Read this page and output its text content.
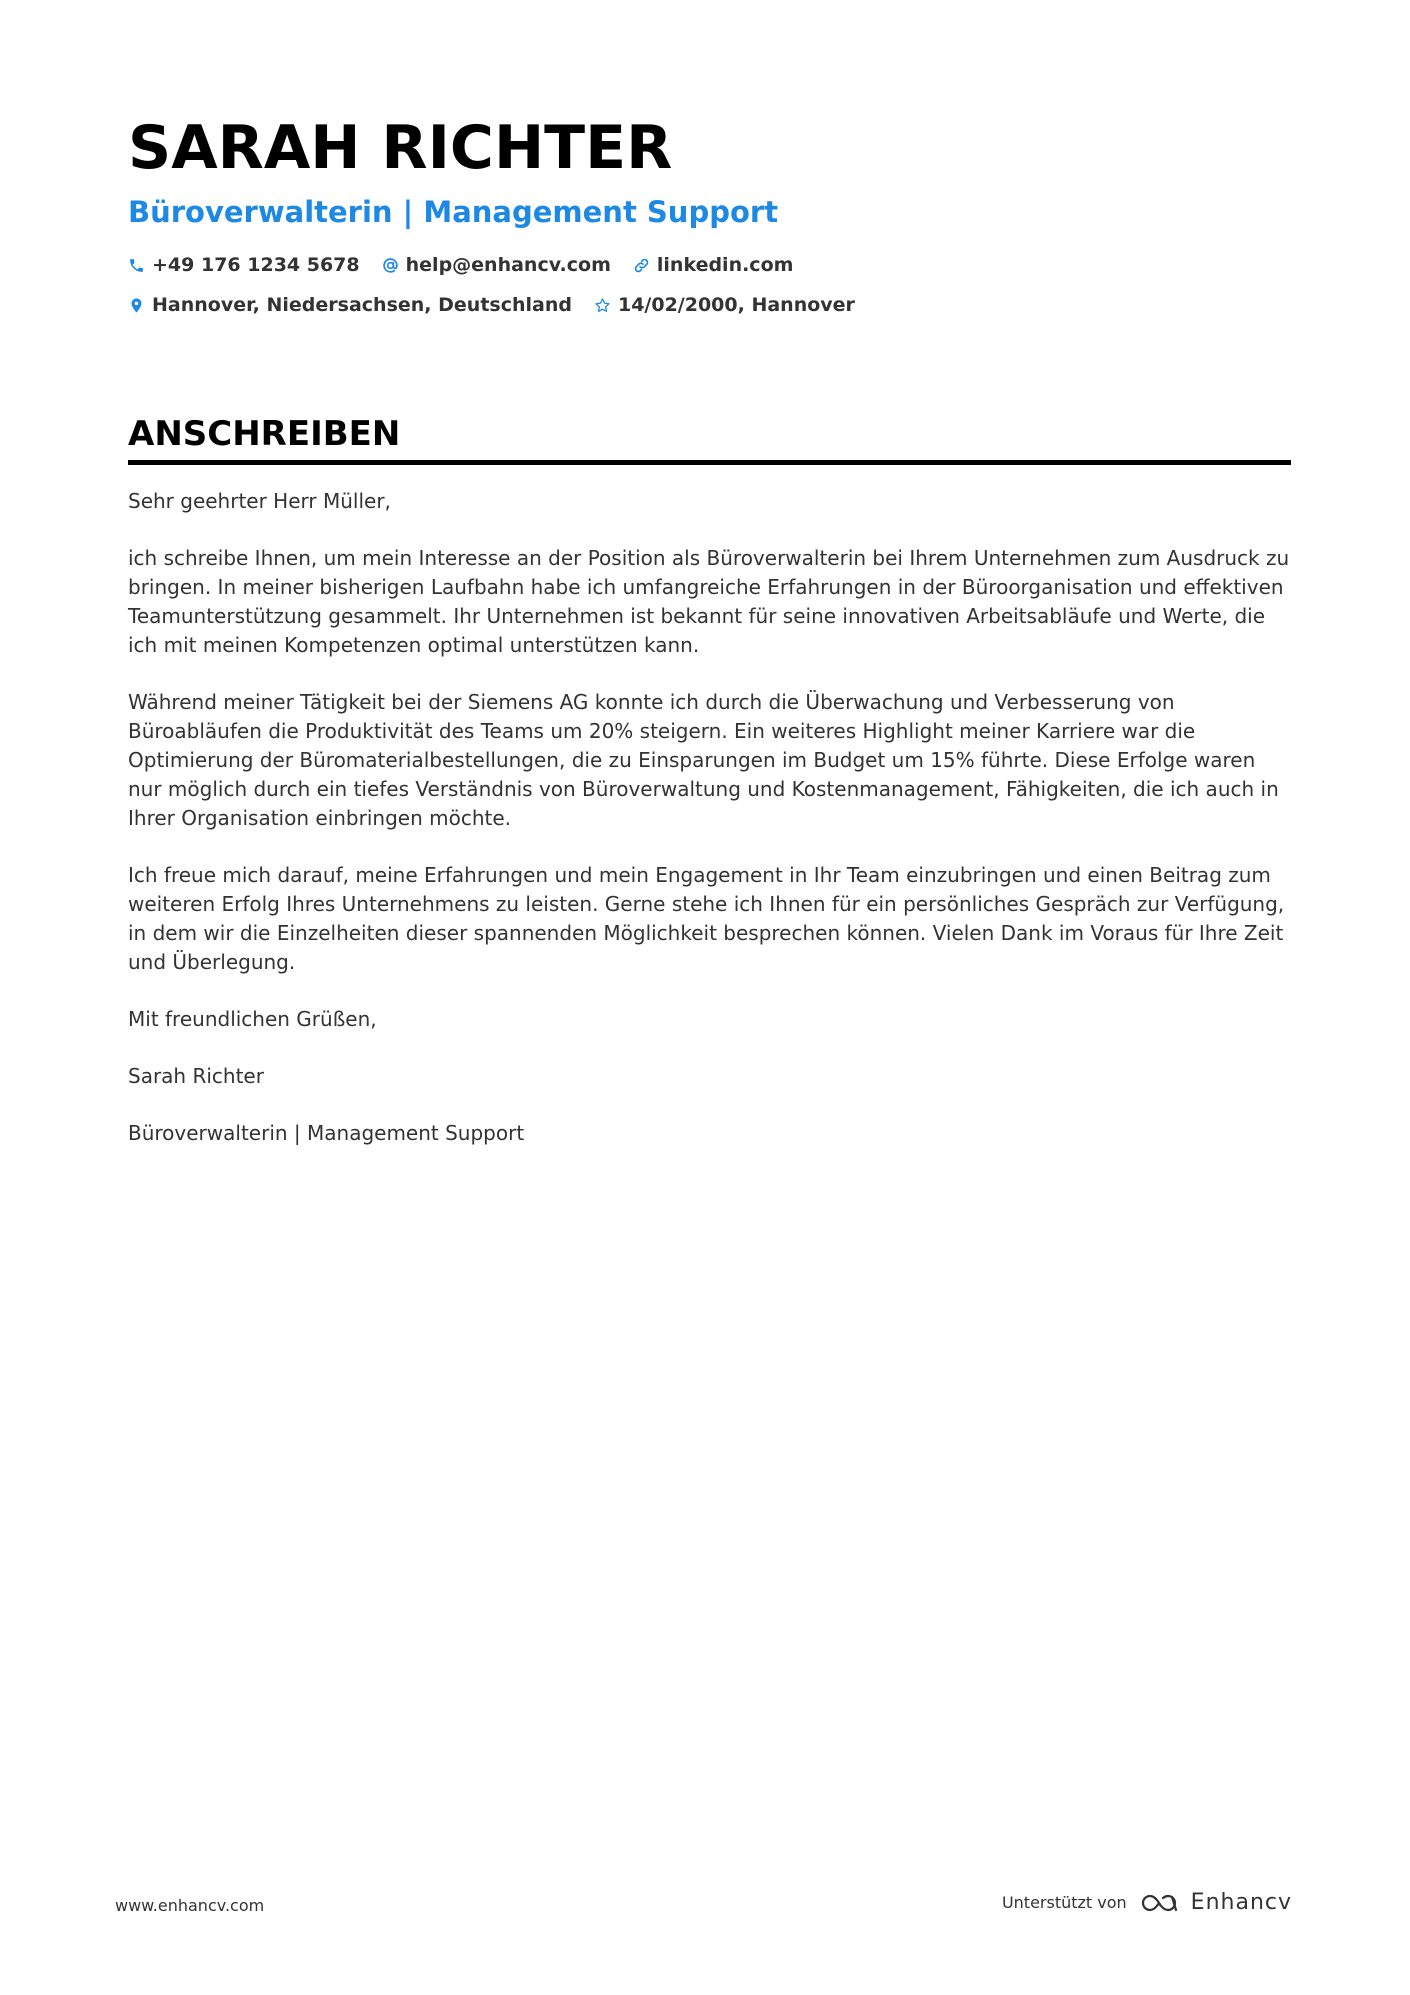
SARAH RICHTER
Büroverwalterin | Management Support
+49 176 1234 5678 help@enhancv.com linkedin.com
Hannover, Niedersachsen, Deutschland 14/02/2000, Hannover
ANSCHREIBEN

Sehr geehrter Herr Müller,

ich schreibe Ihnen, um mein Interesse an der Position als Büroverwalterin bei Ihrem Unternehmen zum Ausdruck zu bringen. In meiner bisherigen Laufbahn habe ich umfangreiche Erfahrungen in der Büroorganisation und effektiven Teamunterstützung gesammelt. Ihr Unternehmen ist bekannt für seine innovativen Arbeitsabläufe und Werte, die ich mit meinen Kompetenzen optimal unterstützen kann.

Während meiner Tätigkeit bei der Siemens AG konnte ich durch die Überwachung und Verbesserung von Büroabläufen die Produktivität des Teams um 20% steigern. Ein weiteres Highlight meiner Karriere war die Optimierung der Büromaterialbestellungen, die zu Einsparungen im Budget um 15% führte. Diese Erfolge waren nur möglich durch ein tiefes Verständnis von Büroverwaltung und Kostenmanagement, Fähigkeiten, die ich auch in Ihrer Organisation einbringen möchte.

Ich freue mich darauf, meine Erfahrungen und mein Engagement in Ihr Team einzubringen und einen Beitrag zum weiteren Erfolg Ihres Unternehmens zu leisten. Gerne stehe ich Ihnen für ein persönliches Gespräch zur Verfügung, in dem wir die Einzelheiten dieser spannenden Möglichkeit besprechen können. Vielen Dank im Voraus für Ihre Zeit und Überlegung.

Mit freundlichen Grüßen,

Sarah Richter

Büroverwalterin | Management Support

www.enhancv.com	Unterstützt von	Enhancv
